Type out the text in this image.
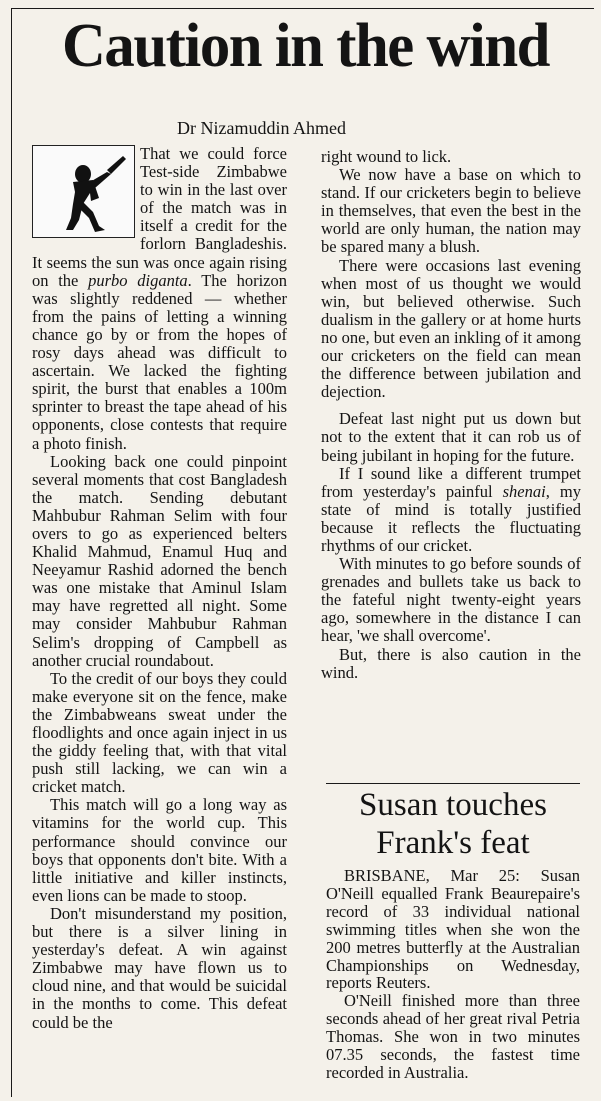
Caution in the wind
Dr Nizamuddin Ahmed

That we could force Test-side Zimbabwe to win in the last over of the match was in itself a credit for the forlorn Bangladeshis. It seems the sun was once again rising on the purbo diganta. The horizon was slightly reddened — whether from the pains of letting a winning chance go by or from the hopes of rosy days ahead was difficult to ascertain. We lacked the fighting spirit, the burst that enables a 100m sprinter to breast the tape ahead of his opponents, close contests that require a photo finish.

Looking back one could pinpoint several moments that cost Bangladesh the match. Sending debutant Mahbubur Rahman Selim with four overs to go as experienced belters Khalid Mahmud, Enamul Huq and Neeyamur Rashid adorned the bench was one mistake that Aminul Islam may have regretted all night. Some may consider Mahbubur Rahman Selim's dropping of Campbell as another crucial roundabout.

To the credit of our boys they could make everyone sit on the fence, make the Zimbabweans sweat under the floodlights and once again inject in us the giddy feeling that, with that vital push still lacking, we can win a cricket match.

This match will go a long way as vitamins for the world cup. This performance should convince our boys that opponents don't bite. With a little initiative and killer instincts, even lions can be made to stoop.

Don't misunderstand my position, but there is a silver lining in yesterday's defeat. A win against Zimbabwe may have flown us to cloud nine, and that would be suicidal in the months to come. This defeat could be the

right wound to lick.

We now have a base on which to stand. If our cricketers begin to believe in themselves, that even the best in the world are only human, the nation may be spared many a blush.

There were occasions last evening when most of us thought we would win, but believed otherwise. Such dualism in the gallery or at home hurts no one, but even an inkling of it among our cricketers on the field can mean the difference between jubilation and dejection.

Defeat last night put us down but not to the extent that it can rob us of being jubilant in hoping for the future.

If I sound like a different trumpet from yesterday's painful shenai, my state of mind is totally justified because it reflects the fluctuating rhythms of our cricket.

With minutes to go before sounds of grenades and bullets take us back to the fateful night twenty-eight years ago, somewhere in the distance I can hear, 'we shall overcome'.

But, there is also caution in the wind.

Susan touches
Frank's feat

BRISBANE, Mar 25: Susan O'Neill equalled Frank Beaurepaire's record of 33 individual national swimming titles when she won the 200 metres butterfly at the Australian Championships on Wednesday, reports Reuters.

O'Neill finished more than three seconds ahead of her great rival Petria Thomas. She won in two minutes 07.35 seconds, the fastest time recorded in Australia.
